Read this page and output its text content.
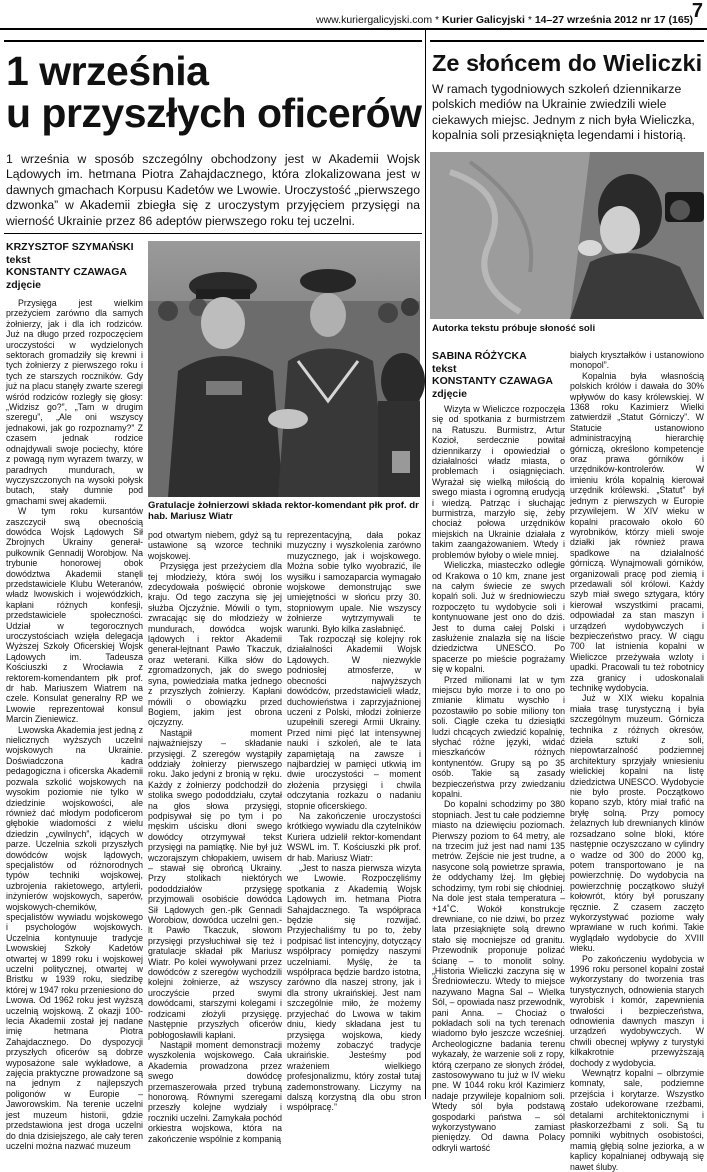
www.kuriergalicyjski.com * Kurier Galicyjski * 14–27 września 2012 nr 17 (165)
7
1 września
u przyszłych oficerów
1 września w sposób szczególny obchodzony jest w Akademii Wojsk Lądowych im. hetmana Piotra Zahajdacznego, która zlokalizowana jest w dawnych gmachach Korpusu Kadetów we Lwowie. Uroczystość „pierwszego dzwonka” w Akademii zbiegła się z uroczystym przyjęciem przysięgi na wierność Ukrainie przez 86 adeptów pierwszego roku tej uczelni.
KRZYSZTOF SZYMAŃSKI
tekst
KONSTANTY CZAWAGA
zdjęcie

Przysięga jest wielkim przeżyciem zarówno dla samych żołnierzy, jak i dla ich rodziców. Już na długo przed rozpoczęciem uroczystości w wydzielonych sektorach gromadziły się krewni i tych żołnierzy z pierwszego roku i tych ze starszych roczników. Gdy już na placu stanęły zwarte szeregi wśród rodziców rozległy się głosy: „Widzisz go?”, „Tam w drugim szeregu”, „Ale oni wszyscy jednakowi, jak go rozpoznamy?” Z czasem jednak rodzice odnajdywali swoje pociechy, które z powagą nym wyrazem twarzy, w paradnych mundurach, w wyczyszczonych na wysoki połysk butach, stały dumnie pod gmachami swej akademii.

W tym roku kursantów zaszczycił swą obecnością dowódca Wojsk Lądowych Sił Zbrojnych Ukrainy generał-pułkownik Gennadij Worobjow. Na trybunie honorowej obok dowództwa Akademii stanęli przedstawiciele Klubu Weteranów, władz lwowskich i wojewódzkich, kapłani różnych konfesji, przedstawiciele społeczności. Udział w tegorocznych uroczystościach wzięła delegacja Wyższej Szkoły Oficerskiej Wojsk Lądowych im. Tadeusza Kościuszki z Wrocławia z rektorem-komendantem płk prof. dr hab. Mariuszem Wiatrem na czele. Konsulat generalny RP we Lwowie reprezentował konsul Marcin Zieniewicz.

Lwowska Akademia jest jedną z nielicznych wyższych uczelni wojskowych na Ukrainie. Doświadczona kadra pedagogiczna i oficerska Akademii pozwala szkolić wojskowych na wysokim poziomie nie tylko w dziedzinie wojskowości, ale również dać młodym podoficerom głębokie wiadomości z wielu dziedzin „cywilnych”, idących w parze. Uczelnia szkoli przyszłych dowódców wojsk lądowych, specjalistów od różnorodnych typów techniki wojskowej, uzbrojenia rakietowego, artylerii, inżynierów wojskowych, saperów, wojskowych-chemików, specjalistów wywiadu wojskowego i psychologów wojskowych. Uczelnia kontynuuje tradycje Lwowskiej Szkoły Kadetów otwartej w 1899 roku i wojskowej uczelni politycznej, otwartej w Bristku w 1939 roku, siedzibę której w 1947 roku przeniesiono do Lwowa. Od 1962 roku jest wyższą uczelnią wojskową. Z okazji 100-lecia Akademii został jej nadane imię hetmana Piotra Zahajdacznego. Do dyspozycji przyszłych oficerów są dobrze wyposażone sale wykładowe, a zajęcia praktyczne prowadzone są na jednym z najlepszych poligonów w Europie – Jaworowskim. Na terenie uczelni jest muzeum historii, gdzie przedstawiona jest droga uczelni do dnia dzisiejszego, ale cały teren uczelni można nazwać muzeum

Gratulacje żołnierzowi składa rektor-komendant płk prof. dr hab. Mariusz Wiatr

pod otwartym niebem, gdyż są tu ustawione są wzorce techniki wojskowej.

Przysięga jest przeżyciem dla tej młodzieży, która swój los zdecydowała poświęcić obronie kraju. Od tego zaczyna się jej służba Ojczyźnie. Mówili o tym, zwracając się do młodzieży w mundurach, dowódca wojsk lądowych i rektor Akademii generał-lejtnant Pawło Tkaczuk, oraz weterani. Kilka słów do zgromadzonych, jak do swego syna, powiedziała matka jednego z przyszłych żołnierzy. Kapłani mówili o obowiązku przed Bogiem, jakim jest obrona ojczyzny.

Nastąpił moment najważniejszy – składanie przysięgi. Z szeregów wystąpiły oddziały żołnierzy pierwszego roku. Jako jedyni z bronią w ręku. Każdy z żołnierzy podchodził do stolika swego pododdziału, czytał na głos słowa przysięgi, podpisywał się po tym i po męskim uścisku dłoni swego dowódcy otrzymywał tekst przysięgi na pamiątkę. Nie był już wczorajszym chłopakiem, uwisem – stawał się obrońcą Ukrainy. Przy stolikach niektórych pododdziałów przysięgę przyjmowali osobiście dowódca Sił Lądowych gen.-płk Gennadi Worobiow, dowódca uczelni gen.-lt Pawło Tkaczuk, słowom przysięgi przysłuchiwał się też i gratulacje składał płk Mariusz Wiatr. Po kolei wywoływani przez dowódców z szeregów wychodzili kolejni żołnierze, aż wszyscy uroczyście przed swymi dowódcami, starszymi kolegami i rodzicami złożyli przysięgę. Następnie przyszłych oficerów pobłogosławili kapłani.

Nastąpił moment demonstracji wyszkolenia wojskowego. Cała Akademia prowadzona przez swego dowódcę przemaszerowała przed trybuną honorową. Równymi szeregami przeszły kolejne wydziały i roczniki uczelni. Zamykała pochód orkiestra wojskowa, która na zakończenie wspólnie z kompanią

reprezentacyjną, dała pokaz muzyczny i wyszkolenia zarówno muzycznego, jak i wojskowego. Można sobie tylko wyobrazić, ile wysiłku i samozaparcia wymagało wojskowe demonstrując swe umiejętności w słońcu przy 30. stopniowym upale. Nie wszyscy żołnierze wytrzymywali te warunki. Było kilka zasłabnięć.

Tak rozpoczął się kolejny rok działalności Akademii Wojsk Lądowych. W niezwykle podniosłej atmosferze, w obecności najwyższych dowódców, przedstawicieli władz, duchowieństwa i zaprzyjaźnionej uczeni z Polski, młodzi żołnierze uzupełnili szeregi Armii Ukrainy. Przed nimi pięć lat intensywnej nauki i szkoleń, ale te lata zapamiętają na zawsze i najbardziej w pamięci utkwią im dwie uroczystości – moment złożenia przysięgi i chwila odczytania rozkazu o nadaniu stopnie oficerskiego.

Na zakończenie uroczystości krótkiego wywiadu dla czytelników Kuriera udzielił rektor-komendant WSWL im. T. Kościuszki płk prof. dr hab. Mariusz Wiatr:

„Jest to nasza pierwsza wizyta we Lwowie. Rozpoczęliśmy spotkania z Akademią Wojsk Lądowych im. hetmana Piotra Sahajdacznego. Ta współpraca będzie się rozwijać. Przyjechaliśmy tu po to, żeby podpisać list intencyjny, dotyczący współpracy pomiędzy naszymi uczelniami. Myślę, że ta współpraca będzie bardzo istotna, zarówno dla naszej strony, jak i dla strony ukraińskiej. Jest nam szczególnie miło, że możemy przyjechać do Lwowa w takim dniu, kiedy składana jest tu przysięga wojskowa, kiedy możemy zobaczyć tradycje ukraińskie. Jesteśmy pod wrażeniem wielkiego profesjonalizmu, który został tutaj zademonstrowany. Liczymy na dalszą korzystną dla obu stron współpracę.”

Ze słońcem do Wieliczki
W ramach tygodniowych szkoleń dziennikarze polskich mediów na Ukrainie zwiedzili wiele ciekawych miejsc. Jednym z nich była Wieliczka, kopalnia soli przesiąknięta legendami i historią.
Autorka tekstu próbuje słoność soli
SABINA RÓŻYCKA
tekst
KONSTANTY CZAWAGA
zdjęcie

Wizyta w Wieliczce rozpoczęła się od spotkania z burmistrzem na Ratuszu. Burmistrz, Artur Kozioł, serdecznie powitał dziennikarzy i opowiedział o działalności władz miasta, o problemach i osiągnięciach. Wyrażał się wielką miłością do swego miasta i ogromną erudycją i wiedzą. Patrząc i słuchając burmistrza, marzyło się, żeby chociaż połowa urzędników miejskich na Ukrainie działała z takim zaangażowaniem. Wtedy i problemów byłoby o wiele mniej.

Wieliczka, miasteczko odległe od Krakowa o 10 km, znane jest na całym świecie ze swych kopalń soli. Już w średniowieczu rozpoczęto tu wydobycie soli i kontynuowane jest ono do dziś. Jest to duma całej Polski i zasłużenie znalazła się na liście dziedzictwa UNESCO. Po spacerze po mieście pograżamy się w kopalni.

Przed milionami lat w tym miejscu było morze i to ono po zmianie klimatu wyschło i pozostawiło po sobie miliony ton soli. Ciągłe czeka tu dziesiątki ludzi chcących zwiedzić kopalnię, słychać różne języki, widać mieszkańców różnych kontynentów. Grupy są po 35 osób. Takie są zasady bezpieczeństwa przy zwiedzaniu kopalni.

Do kopalni schodzimy po 380 stopniach. Jest tu całe podziemne miasto na dziewięciu poziomach. Pierwszy poziom to 64 metry, ale na trzecim już jest nad nami 135 metrów. Zejście nie jest trudne, a nasycone solą powietrze sprawia, że oddychamy lżej. Im głębiej schodzimy, tym robi się chłodniej. Na dole jest stała temperatura – +14˚C. Wokół konstrukcje drewniane, co nie dziwi, bo przez lata przesiąknięte solą drewno stało się mocniejsze od granitu. Przewodnik proponuje polizać ścianę – to monolit solny. „Historia Wieliczki zaczyna się w Średniowieczu. Wtedy to miejsce nazywano Magna Sal – Wielka Sól, – opowiada nasz przewodnik, pani Anna. – Chociaż o pokładach soli na tych terenach wiadomo było jeszcze wcześniej. Archeologiczne badania terenu wykazały, że warzenie soli z ropy, którą czerpano ze słonych źródeł, zastosowywano tu już w IV wieku pne. W 1044 roku król Kazimierz nadaje przywileje kopalniom soli. Wtedy sól była podstawą gospodarki państwa – sól wykorzystywano zamiast pieniędzy. Od dawna Polacy odkryli wartość

białych kryształków i ustanowiono monopol”.

Kopalnia była własnością polskich królów i dawała do 30% wpływów do kasy królewskiej. W 1368 roku Kazimierz Wielki zatwierdził „Statut Górniczy”. W Statucie ustanowiono administracyjną hierarchię górniczą, określono kompetencje oraz prawa górników i urzędników-kontrolerów. W imieniu króla kopalnią kierował urzędnik królewski. „Statut” był jednym z pierwszych w Europie przywilejem. W XIV wieku w kopalni pracowało około 60 wyrobników, którzy mieli swoje działki jak również prawa spadkowe na działalność górniczą. Wynajmowali górników, organizowali pracę pod ziemią i przedawali sól królowi. Każdy szyb miał swego sztygara, który kierował wszystkimi pracami, odpowiadał za stan maszyn i urządzeń wydobywczych i bezpieczeństwo pracy. W ciągu 700 lat istnienia kopalni w Wieliczce przeżywała wzloty i upadki. Pracowali tu też robotnicy zza granicy i udoskonalali technikę wydobycia.

Już w XIX wieku kopalnia miała trasę turystyczną i była szczególnym muzeum. Górnicza technika z różnych okresów, dzieła sztuki z soli, niepowtarzalność podziemnej architektury sprzyjały wniesieniu wielickiej kopalni na listę dziedzictwa UNESCO. Wydobycie nie było proste. Początkowo kopano szyb, który miał trafić na bryłę solną. Przy pomocy żelaznych lub drewnianych klinów rozsadzano solne bloki, które następnie oczyszczano w cylindry o wadze od 300 do 2000 kg, potem transportowano je na powierzchnię. Do wydobycia na powierzchnię początkowo służył kołowrót, który był poruszany ręcznie. Z czasem zaczęto wykorzystywać poziome wały wprawiane w ruch końmi. Takie wyglądało wydobycie do XVIII wieku.

Po zakończeniu wydobycia w 1996 roku personel kopalni został wykorzystany do tworzenia tras turystycznych, odnowienia starych wyrobisk i komór, zapewnienia trwałości i bezpieczeństwa, odnowienia dawnych maszyn i urządzeń wydobywczych. W chwili obecnej wpływy z turystyki kilkakrotnie przewyższają dochody z wydobycia.

Wewnątrz kopalni – olbrzymie komnaty, sale, podziemne przejścia i korytarze. Wszystko zostało udekorowane rzeźbami, detalami architektonicznymi i płaskorzeźbami z soli. Są tu pomniki wybitnych osobistości, mamią głębią solne jeziorka, a w kaplicy kopalnianej odbywają się nawet śluby.
